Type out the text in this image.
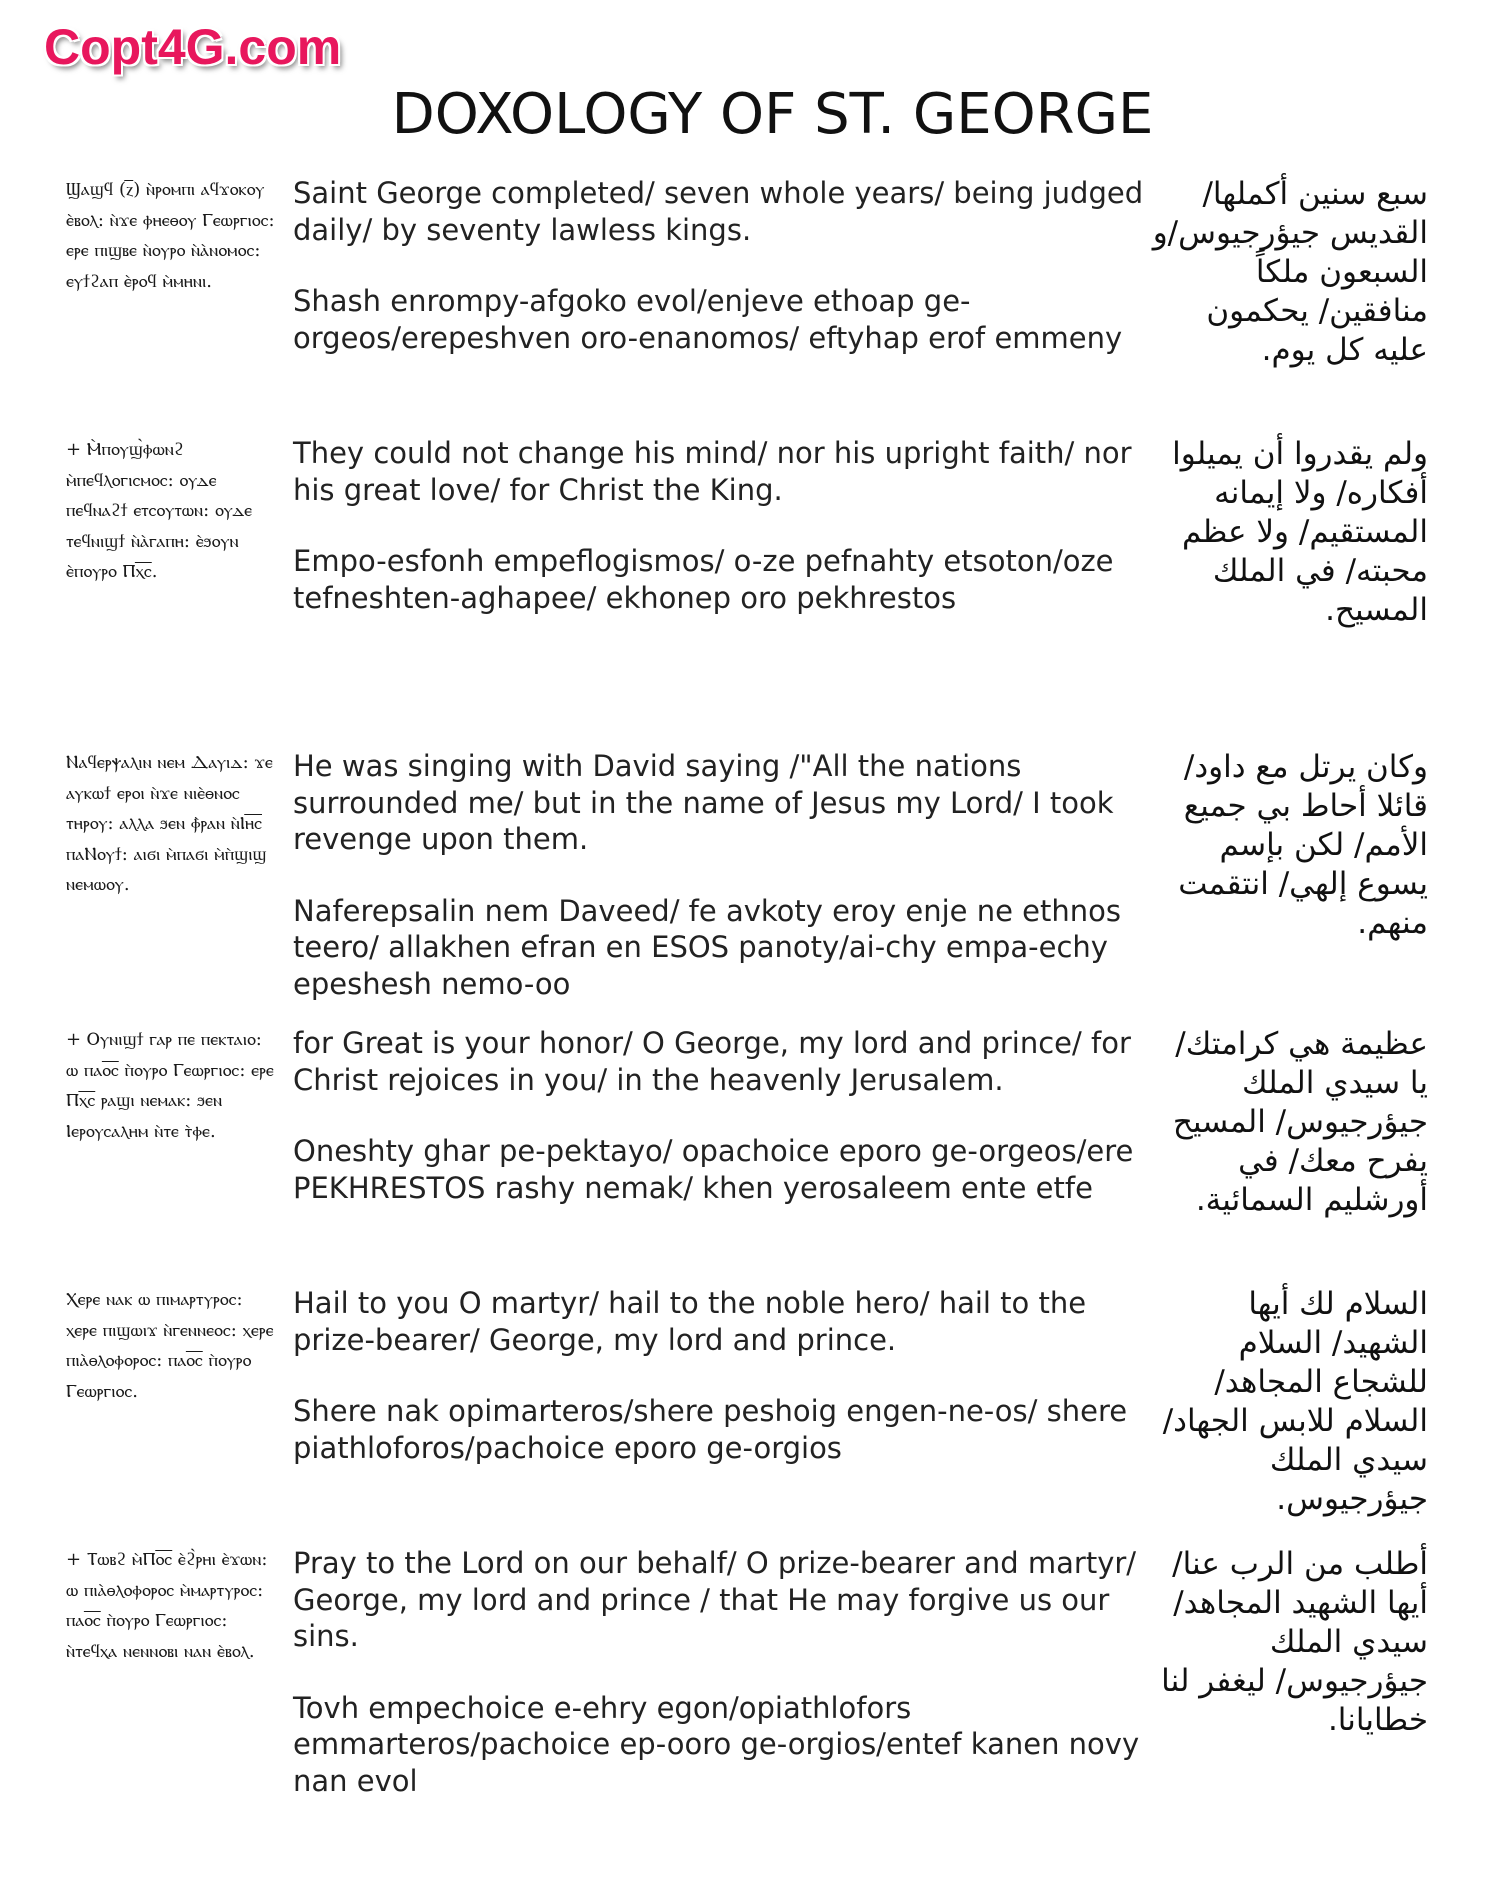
Copt4G.com
DOXOLOGY OF ST. GEORGE
Ϣⲁϣϥ (ⲍ̅) ⲛ̀ⲣⲟⲙⲡⲓ ⲁϥϫⲟⲕⲟⲩ ⲉ̀ⲃⲟⲗ: ⲛ̀ϫⲉ ⲫⲏⲉⲑⲟⲩ Ⲅⲉⲱⲣⲅⲓⲟⲥ: ⲉⲣⲉ ⲡⲓϣⲃⲉ ⲛ̀ⲟⲩⲣⲟ ⲛ̀ⲁ̀ⲛⲟⲙⲟⲥ: ⲉⲩϯϩⲁⲡ ⲉ̀ⲣⲟϥ ⲙ̀ⲙⲏⲛⲓ.

Saint George completed/ seven whole years/ being judged daily/ by seventy lawless kings.

Shash enrompy-afgoko evol/enjeve ethoap ge-orgeos/erepeshven oro-enanomos/ eftyhap erof emmeny

سبع سنين أكملها/ القديس جيؤرجيوس/و السبعون ملكاً منافقين/ يحكمون عليه كل يوم.
+ Ⲙ̀ⲡⲟⲩϣ̀ⲫⲱⲛϩ ⲙ̀ⲡⲉϥⲗⲟⲅⲓⲥⲙⲟⲥ: ⲟⲩⲇⲉ ⲡⲉϥⲛⲁϩϯ ⲉⲧⲥⲟⲩⲧⲱⲛ: ⲟⲩⲇⲉ ⲧⲉϥⲛⲓϣϯ ⲛ̀ⲁ̀ⲅⲁⲡⲏ: ⲉ̀ϧⲟⲩⲛ ⲉ̀ⲡⲟⲩⲣⲟ Ⲡⲭ̅ⲥ̅.

They could not change his mind/ nor his upright faith/ nor his great love/ for Christ the King.

Empo-esfonh empeflogismos/ o-ze pefnahty etsoton/oze tefneshten-aghapee/ ekhonep oro pekhrestos

ولم يقدروا أن يميلوا أفكاره/ ولا إيمانه المستقيم/ ولا عظم محبته/ في الملك المسيح.
Ⲛⲁϥⲉⲣⲯⲁⲗⲓⲛ ⲛⲉⲙ Ⲇⲁⲩⲓⲇ: ϫⲉ ⲁⲩⲕⲱϯ ⲉⲣⲟⲓ ⲛ̀ϫⲉ ⲛⲓⲉ̀ⲑⲛⲟⲥ ⲧⲏⲣⲟⲩ: ⲁⲗⲗⲁ ϧⲉⲛ ⲫ̀ⲣⲁⲛ ⲛ̀Ⲓⲏ̅ⲥ̅ ⲡⲁⲚⲟⲩϯ: ⲁⲓϭⲓ ⲙ̀ⲡⲁϭⲓ ⲙ̀ⲡ̀ϣⲓϣ ⲛⲉⲙⲱⲟⲩ.

He was singing with David saying /"All the nations surrounded me/ but in the name of Jesus my Lord/ I took revenge upon them.

Naferepsalin nem Daveed/ fe avkoty eroy enje ne ethnos teero/ allakhen efran en ESOS panoty/ai-chy empa-echy epeshesh nemo-oo

وكان يرتل مع داود/ قائلا أحاط بي جميع الأمم/ لكن بإسم يسوع إلهي/ انتقمت منهم.
+ Ⲟⲩⲛⲓϣϯ ⲅⲁⲣ ⲡⲉ ⲡⲉⲕⲧⲁⲓⲟ: ⲱ ⲡⲁⲟ̅ⲥ̅ ⲡ̀ⲟⲩⲣⲟ Ⲅⲉⲱⲣⲅⲓⲟⲥ: ⲉⲣⲉ Ⲡⲭ̅ⲥ̅ ⲣⲁϣⲓ ⲛⲉⲙⲁⲕ: ϧⲉⲛ Ⲓⲉⲣⲟⲩⲥⲁⲗⲏⲙ ⲛ̀ⲧⲉ ⲧ̀ⲫⲉ.

for Great is your honor/ O George, my lord and prince/ for Christ rejoices in you/ in the heavenly Jerusalem.

Oneshty ghar pe-pektayo/ opachoice eporo ge-orgeos/ere PEKHRESTOS rashy nemak/ khen yerosaleem ente etfe

عظيمة هي كرامتك/ يا سيدي الملك جيؤرجيوس/ المسيح يفرح معك/ في أورشليم السمائية.
Ⲭⲉⲣⲉ ⲛⲁⲕ ⲱ ⲡⲓⲙⲁⲣⲧⲩⲣⲟⲥ: ⲭⲉⲣⲉ ⲡⲓϣⲱⲓϫ ⲛ̀ⲅⲉⲛⲛⲉⲟⲥ: ⲭⲉⲣⲉ ⲡⲓⲁ̀ⲑⲗⲟⲫⲟⲣⲟⲥ: ⲡⲁⲟ̅ⲥ̅ ⲡ̀ⲟⲩⲣⲟ Ⲅⲉⲱⲣⲅⲓⲟⲥ.

Hail to you O martyr/ hail to the noble hero/ hail to the prize-bearer/ George, my lord and prince.

Shere nak opimarteros/shere peshoig engen-ne-os/ shere piathloforos/pachoice eporo ge-orgios

السلام لك أيها الشهيد/ السلام للشجاع المجاهد/ السلام للابس الجهاد/ سيدي الملك جيؤرجيوس.
+ Ⲧⲱⲃϩ ⲙ̀Ⲡⲟ̅ⲥ̅ ⲉ̀ϩ̀ⲣⲏⲓ ⲉ̀ϫⲱⲛ: ⲱ ⲡⲓⲁ̀ⲑⲗⲟⲫⲟⲣⲟⲥ ⲙ̀ⲙⲁⲣⲧⲩⲣⲟⲥ: ⲡⲁⲟ̅ⲥ̅ ⲡ̀ⲟⲩⲣⲟ Ⲅⲉⲱⲣⲅⲓⲟⲥ: ⲛ̀ⲧⲉϥⲭⲁ ⲛⲉⲛⲛⲟⲃⲓ ⲛⲁⲛ ⲉ̀ⲃⲟⲗ.

Pray to the Lord on our behalf/ O prize-bearer and martyr/ George, my lord and prince / that He may forgive us our sins.

Tovh empechoice e-ehry egon/opiathlofors emmarteros/pachoice ep-ooro ge-orgios/entef kanen novy nan evol

أطلب من الرب عنا/ أيها الشهيد المجاهد/ سيدي الملك جيؤرجيوس/ ليغفر لنا خطايانا.
